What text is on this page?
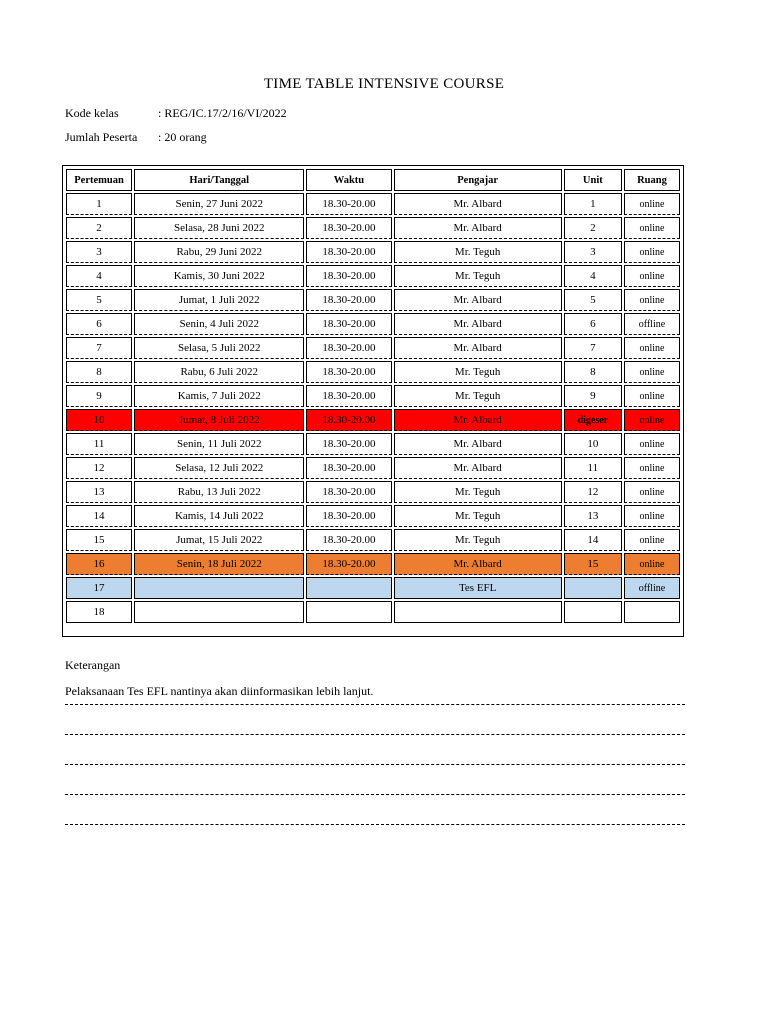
TIME TABLE INTENSIVE COURSE
Kode kelas	: REG/IC.17/2/16/VI/2022
Jumlah Peserta : 20 orang
Pertemuan	Hari/Tanggal	Waktu	Pengajar	Unit	Ruang
1	Senin, 27 Juni 2022	18.30-20.00	Mr. Albard	1	online
2	Selasa, 28 Juni 2022	18.30-20.00	Mr. Albard	2	online
3	Rabu, 29 Juni 2022	18.30-20.00	Mr. Teguh	3	online
4	Kamis, 30 Juni 2022	18.30-20.00	Mr. Teguh	4	online
5	Jumat, 1 Juli 2022	18.30-20.00	Mr. Albard	5	online
6	Senin, 4 Juli 2022	18.30-20.00	Mr. Albard	6	offline
7	Selasa, 5 Juli 2022	18.30-20.00	Mr. Albard	7	online
8	Rabu, 6 Juli 2022	18.30-20.00	Mr. Teguh	8	online
9	Kamis, 7 Juli 2022	18.30-20.00	Mr. Teguh	9	online
10	Jumat, 8 Juli 2022	18.30-20.00	Mr. Albard	digeser	online
11	Senin, 11 Juli 2022	18.30-20.00	Mr. Albard	10	online
12	Selasa, 12 Juli 2022	18.30-20.00	Mr. Albard	11	online
13	Rabu, 13 Juli 2022	18.30-20.00	Mr. Teguh	12	online
14	Kamis, 14 Juli 2022	18.30-20.00	Mr. Teguh	13	online
15	Jumat, 15 Juli 2022	18.30-20.00	Mr. Teguh	14	online
16	Senin, 18 Juli 2022	18.30-20.00	Mr. Albard	15	online
17			Tes EFL		offline
18					
Keterangan
Pelaksanaan Tes EFL nantinya akan diinformasikan lebih lanjut.
